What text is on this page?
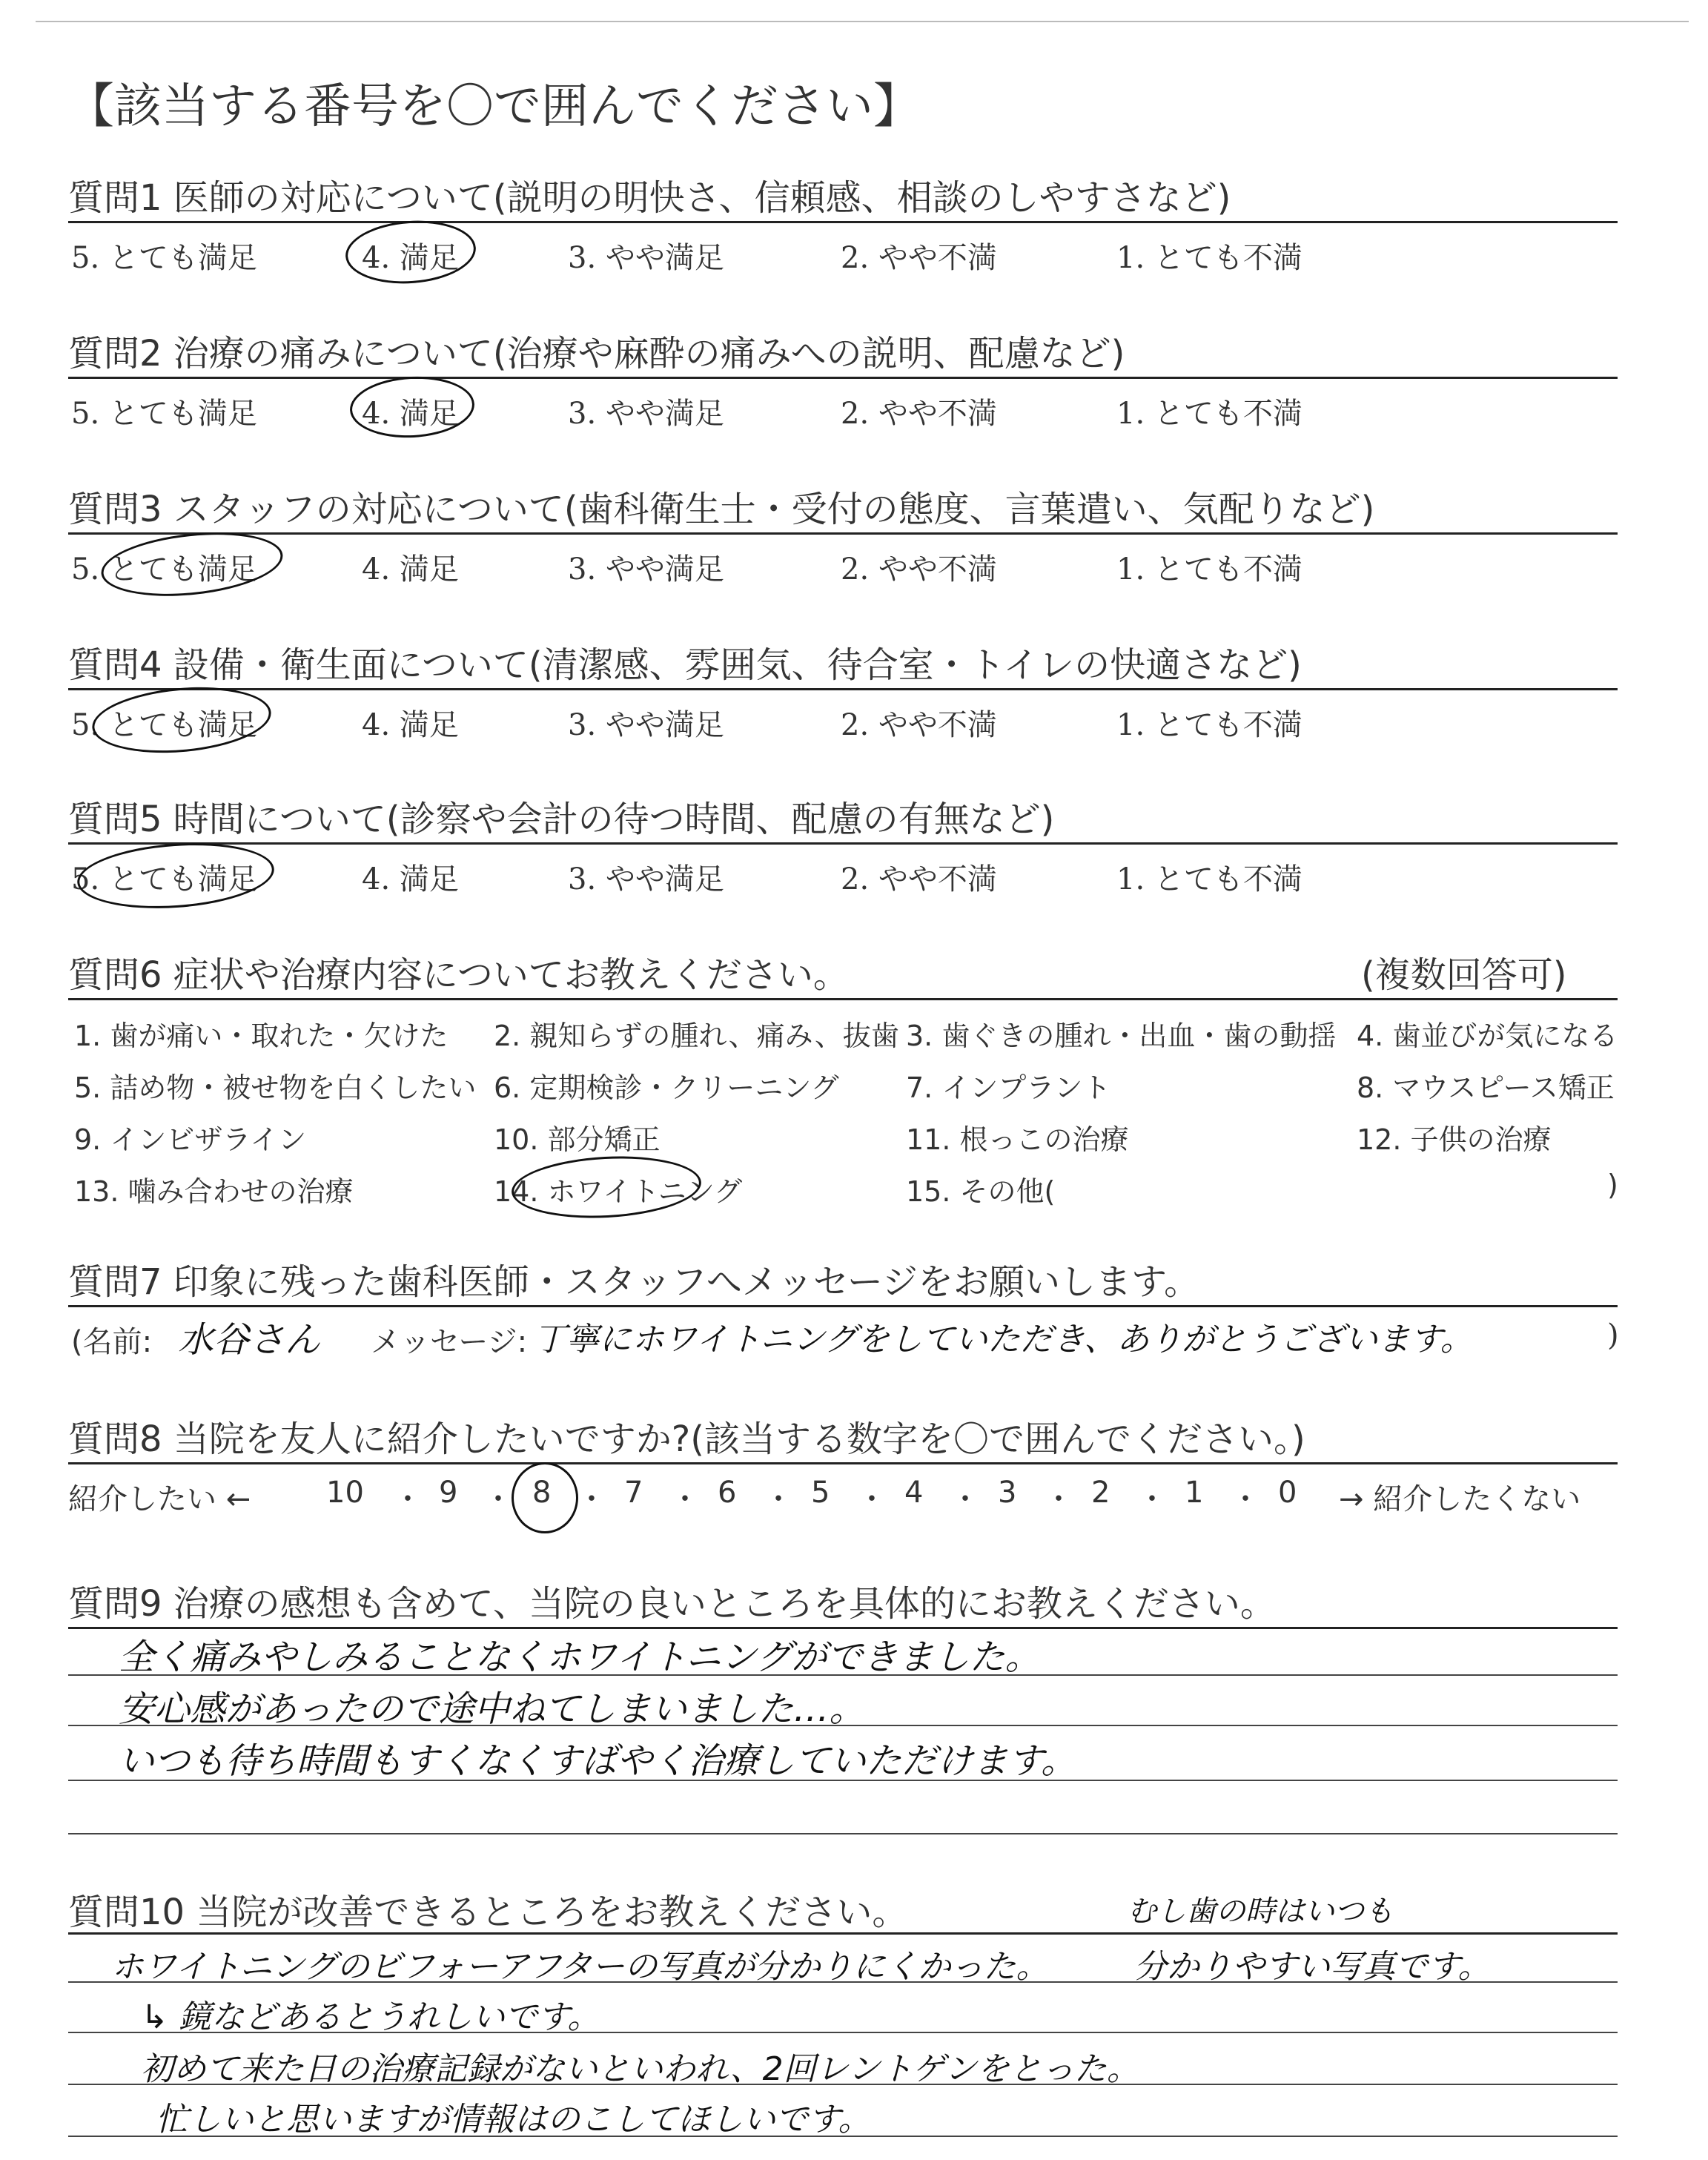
【該当する番号を〇で囲んでください】
質問1 医師の対応について(説明の明快さ、信頼感、相談のしやすさなど)
5. とても満足	4. 満足	3. やや満足	2. やや不満	1. とても不満
質問2 治療の痛みについて(治療や麻酔の痛みへの説明、配慮など)
5. とても満足	4. 満足	3. やや満足	2. やや不満	1. とても不満
質問3 スタッフの対応について(歯科衛生士・受付の態度、言葉遣い、気配りなど)
5. とても満足	4. 満足	3. やや満足	2. やや不満	1. とても不満
質問4 設備・衛生面について(清潔感、雰囲気、待合室・トイレの快適さなど)
5. とても満足	4. 満足	3. やや満足	2. やや不満	1. とても不満
質問5 時間について(診察や会計の待つ時間、配慮の有無など)
5. とても満足	4. 満足	3. やや満足	2. やや不満	1. とても不満
質問6 症状や治療内容についてお教えください。	(複数回答可)
1. 歯が痛い・取れた・欠けた 2. 親知らずの腫れ、痛み、抜歯 3. 歯ぐきの腫れ・出血・歯の動揺 4. 歯並びが気になる
5. 詰め物・被せ物を白くしたい 6. 定期検診・クリーニング 7. インプラント	8. マウスピース矯正
9. インビザライン	10. 部分矯正	11. 根っこの治療	12. 子供の治療
13. 噛み合わせの治療	14. ホワイトニング	15. その他(	)
質問7 印象に残った歯科医師・スタッフへメッセージをお願いします。
(名前: 水谷さん メッセージ: 丁寧にホワイトニングをしていただき、ありがとうございます。	)
質問8 当院を友人に紹介したいですか?(該当する数字を〇で囲んでください。)
紹介したい ←	10 ・ 9 ・ 8 ・ 7 ・ 6 ・ 5 ・ 4 ・ 3 ・ 2 ・ 1 ・ 0 → 紹介したくない
質問9 治療の感想も含めて、当院の良いところを具体的にお教えください。
全く痛みやしみることなくホワイトニングができました。
安心感があったので途中ねてしまいました…。
いつも待ち時間もすくなくすばやく治療していただけます。
質問10 当院が改善できるところをお教えください。	むし歯の時はいつも
ホワイトニングのビフォーアフターの写真が分かりにくかった。	分かりやすい写真です。
↳ 鏡などあるとうれしいです。
初めて来た日の治療記録がないといわれ、2回レントゲンをとった。
忙しいと思いますが情報はのこしてほしいです。
